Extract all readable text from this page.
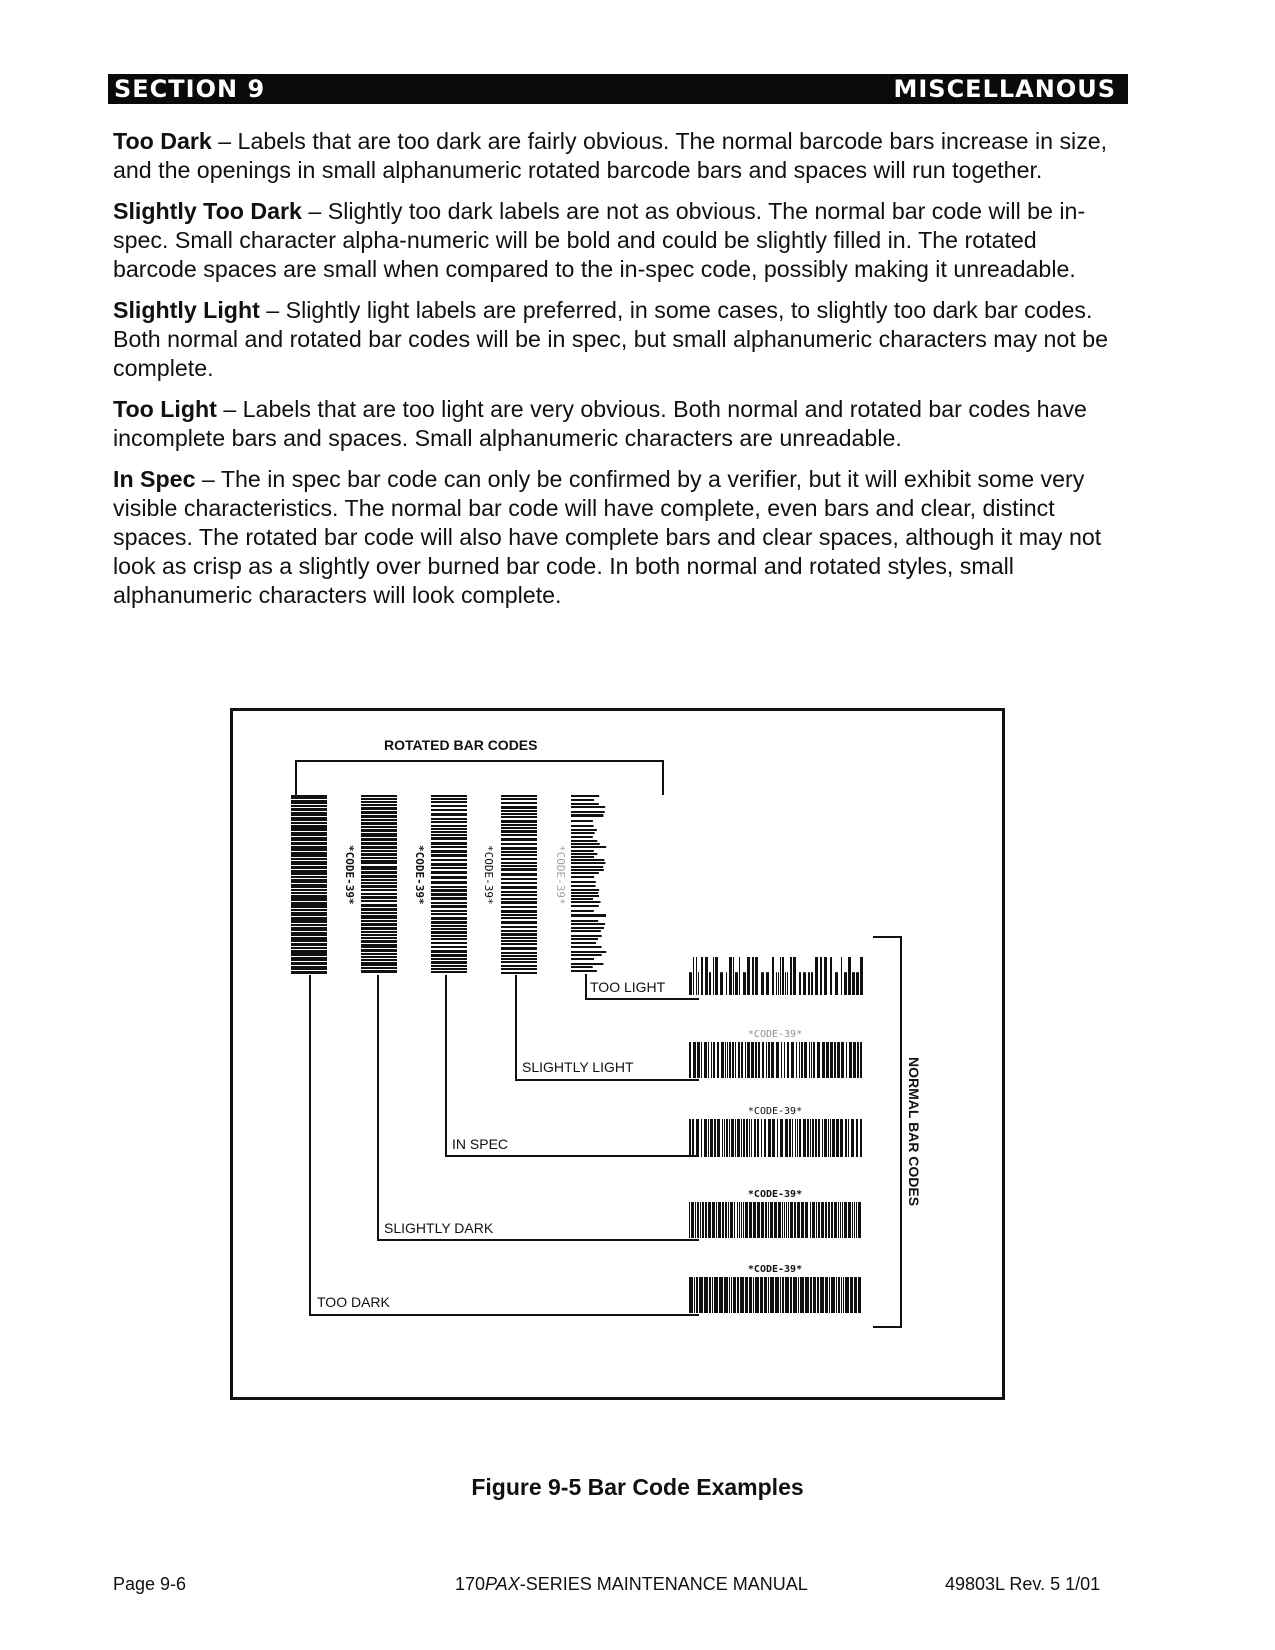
SECTION 9	MISCELLANOUS

Too Dark – Labels that are too dark are fairly obvious. The normal barcode bars increase in size, and the openings in small alphanumeric rotated barcode bars and spaces will run together.

Slightly Too Dark – Slightly too dark labels are not as obvious. The normal bar code will be in-spec. Small character alpha-numeric will be bold and could be slightly filled in. The rotated barcode spaces are small when compared to the in-spec code, possibly making it unreadable.

Slightly Light – Slightly light labels are preferred, in some cases, to slightly too dark bar codes. Both normal and rotated bar codes will be in spec, but small alphanumeric characters may not be complete.

Too Light – Labels that are too light are very obvious. Both normal and rotated bar codes have incomplete bars and spaces. Small alphanumeric characters are unreadable.

In Spec – The in spec bar code can only be confirmed by a verifier, but it will exhibit some very visible characteristics. The normal bar code will have complete, even bars and clear, distinct spaces. The rotated bar code will also have complete bars and clear spaces, although it may not look as crisp as a slightly over burned bar code. In both normal and rotated styles, small alphanumeric characters will look complete.

ROTATED BAR CODES
*CODE-39*	*CODE-39*	*CODE-39*	*CODE-39*
TOO LIGHT
SLIGHTLY LIGHT
IN SPEC
SLIGHTLY DARK
TOO DARK
*CODE-39*
*CODE-39*
*CODE-39*
*CODE-39*
NORMAL BAR CODES
Figure 9-5 Bar Code Examples
Page 9-6	170PAX-SERIES MAINTENANCE MANUAL	49803L Rev. 5 1/01
